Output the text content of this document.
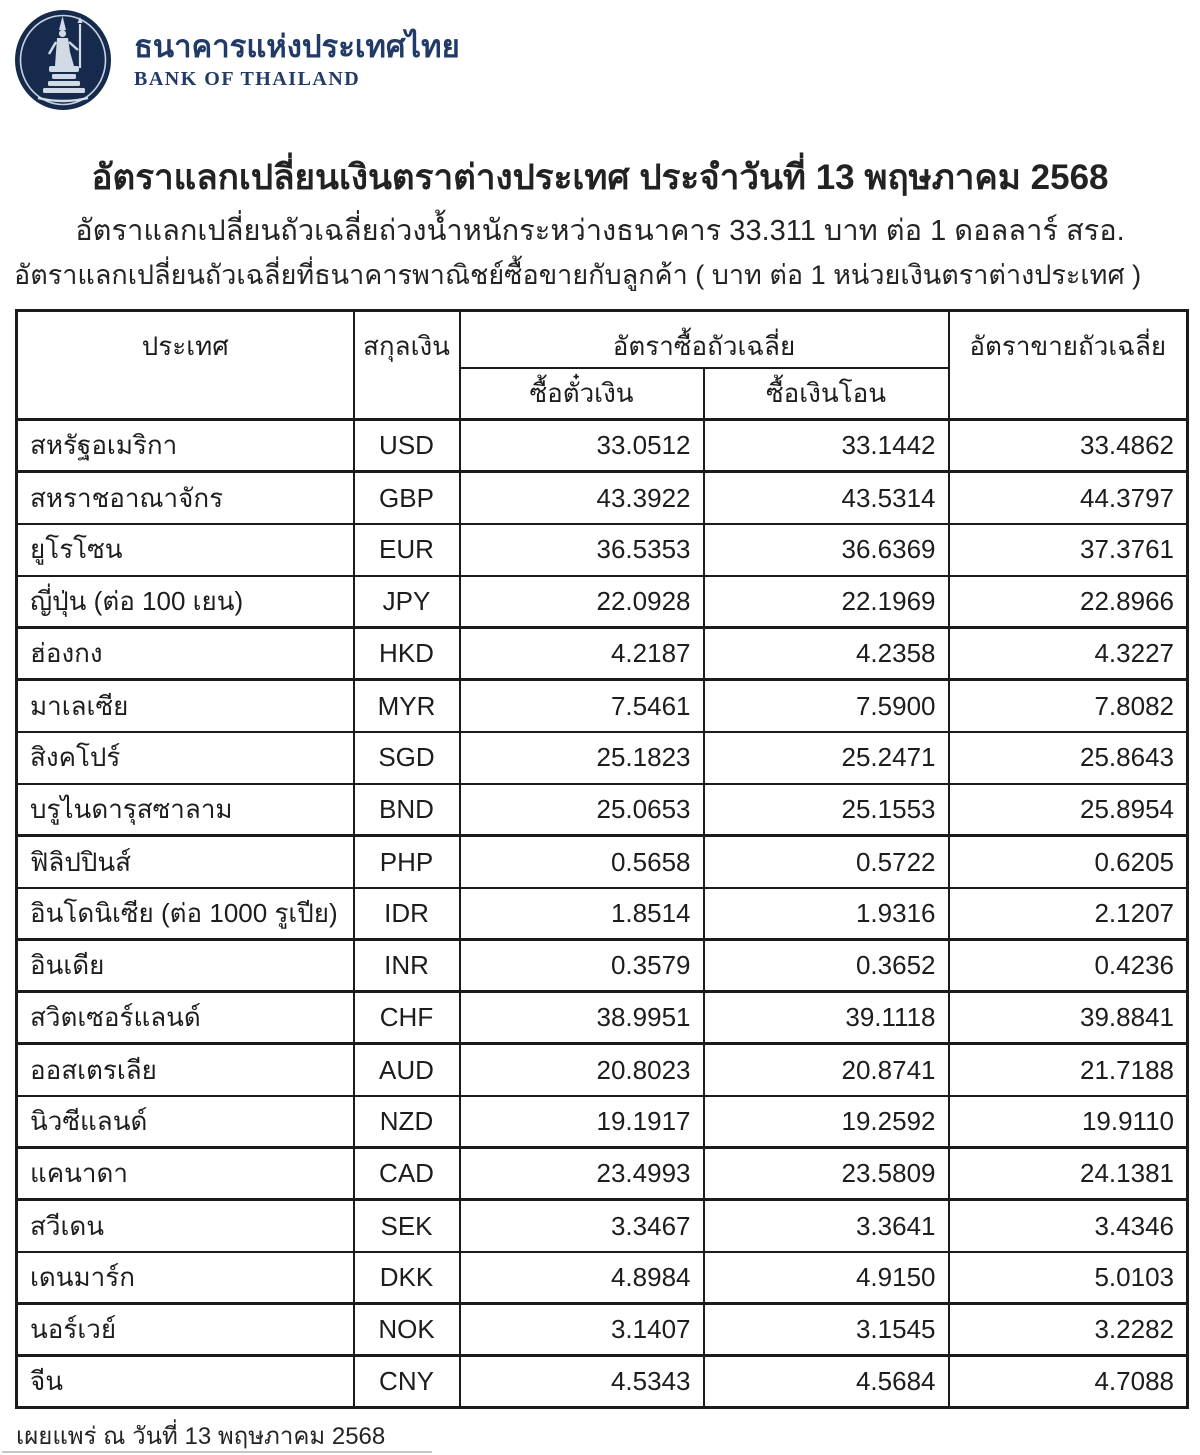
ธนาคารแห่งประเทศไทย
BANK OF THAILAND
อัตราแลกเปลี่ยนเงินตราต่างประเทศ ประจำวันที่ 13 พฤษภาคม 2568
อัตราแลกเปลี่ยนถัวเฉลี่ยถ่วงน้ำหนักระหว่างธนาคาร 33.311 บาท ต่อ 1 ดอลลาร์ สรอ.
อัตราแลกเปลี่ยนถัวเฉลี่ยที่ธนาคารพาณิชย์ซื้อขายกับลูกค้า ( บาท ต่อ 1 หน่วยเงินตราต่างประเทศ )
ประเทศ	สกุลเงิน	อัตราซื้อถัวเฉลี่ย		อัตราขายถัวเฉลี่ย
		ซื้อตั๋วเงิน	ซื้อเงินโอน	
สหรัฐอเมริกา	USD	33.0512	33.1442	33.4862
สหราชอาณาจักร	GBP	43.3922	43.5314	44.3797
ยูโรโซน	EUR	36.5353	36.6369	37.3761
ญี่ปุ่น (ต่อ 100 เยน)	JPY	22.0928	22.1969	22.8966
ฮ่องกง	HKD	4.2187	4.2358	4.3227
มาเลเซีย	MYR	7.5461	7.5900	7.8082
สิงคโปร์	SGD	25.1823	25.2471	25.8643
บรูไนดารุสซาลาม	BND	25.0653	25.1553	25.8954
ฟิลิปปินส์	PHP	0.5658	0.5722	0.6205
อินโดนิเซีย (ต่อ 1000 รูเปีย)	IDR	1.8514	1.9316	2.1207
อินเดีย	INR	0.3579	0.3652	0.4236
สวิตเซอร์แลนด์	CHF	38.9951	39.1118	39.8841
ออสเตรเลีย	AUD	20.8023	20.8741	21.7188
นิวซีแลนด์	NZD	19.1917	19.2592	19.9110
แคนาดา	CAD	23.4993	23.5809	24.1381
สวีเดน	SEK	3.3467	3.3641	3.4346
เดนมาร์ก	DKK	4.8984	4.9150	5.0103
นอร์เวย์	NOK	3.1407	3.1545	3.2282
จีน	CNY	4.5343	4.5684	4.7088
เผยแพร่ ณ วันที่ 13 พฤษภาคม 2568
